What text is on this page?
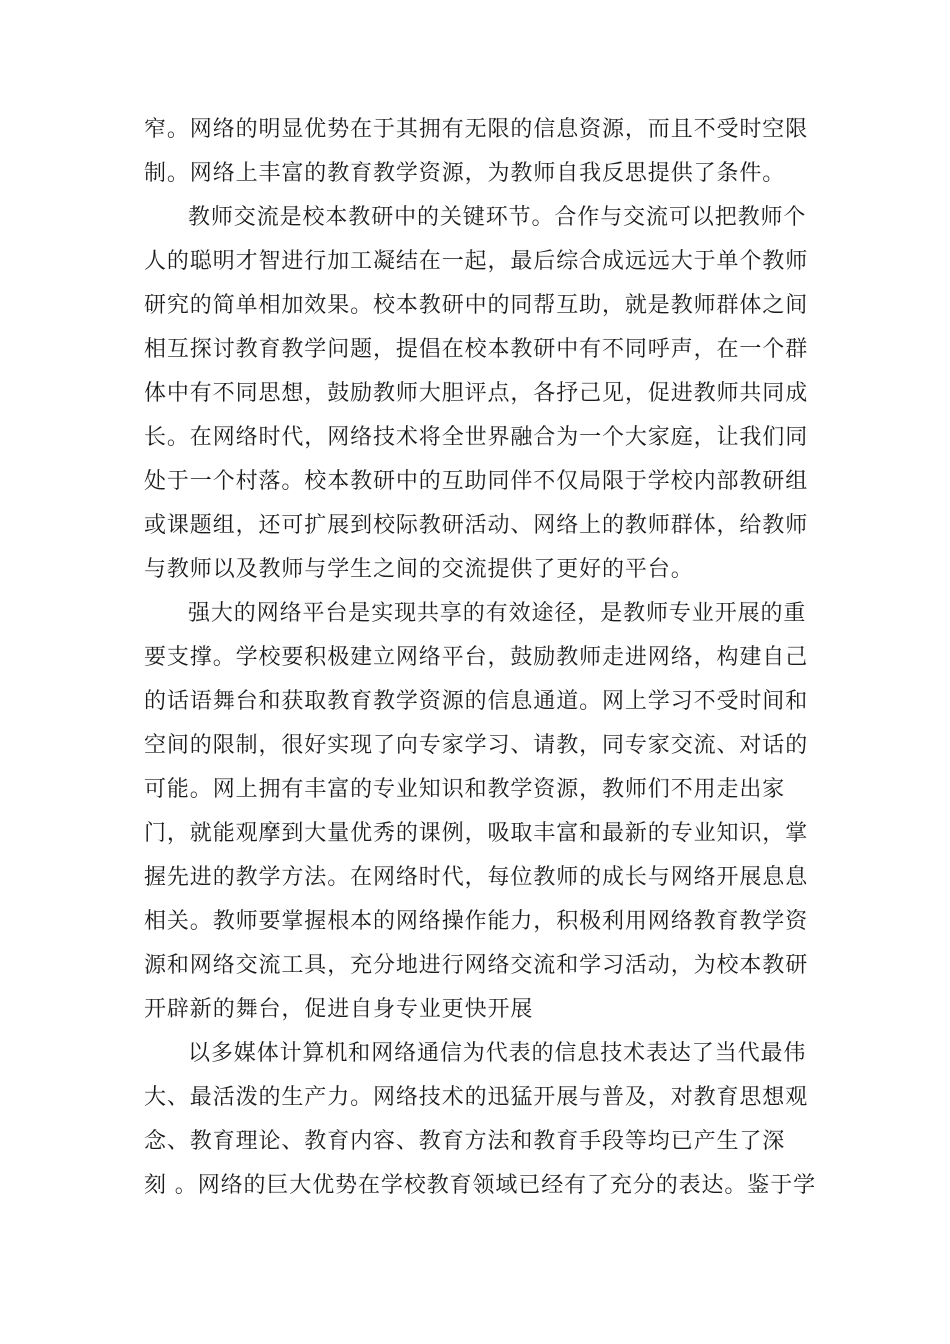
窄。网络的明显优势在于其拥有无限的信息资源，而且不受时空限
制。网络上丰富的教育教学资源，为教师自我反思提供了条件。
教师交流是校本教研中的关键环节。合作与交流可以把教师个
人的聪明才智进行加工凝结在一起，最后综合成远远大于单个教师
研究的简单相加效果。校本教研中的同帮互助，就是教师群体之间
相互探讨教育教学问题，提倡在校本教研中有不同呼声，在一个群
体中有不同思想，鼓励教师大胆评点，各抒己见，促进教师共同成
长。在网络时代，网络技术将全世界融合为一个大家庭，让我们同
处于一个村落。校本教研中的互助同伴不仅局限于学校内部教研组
或课题组，还可扩展到校际教研活动、网络上的教师群体，给教师
与教师以及教师与学生之间的交流提供了更好的平台。
强大的网络平台是实现共享的有效途径，是教师专业开展的重
要支撑。学校要积极建立网络平台，鼓励教师走进网络，构建自己
的话语舞台和获取教育教学资源的信息通道。网上学习不受时间和
空间的限制，很好实现了向专家学习、请教，同专家交流、对话的
可能。网上拥有丰富的专业知识和教学资源，教师们不用走出家
门，就能观摩到大量优秀的课例，吸取丰富和最新的专业知识，掌
握先进的教学方法。在网络时代，每位教师的成长与网络开展息息
相关。教师要掌握根本的网络操作能力，积极利用网络教育教学资
源和网络交流工具，充分地进行网络交流和学习活动，为校本教研
开辟新的舞台，促进自身专业更快开展
以多媒体计算机和网络通信为代表的信息技术表达了当代最伟
大、最活泼的生产力。网络技术的迅猛开展与普及，对教育思想观
念、教育理论、教育内容、教育方法和教育手段等均已产生了深
刻 。网络的巨大优势在学校教育领域已经有了充分的表达。鉴于学
